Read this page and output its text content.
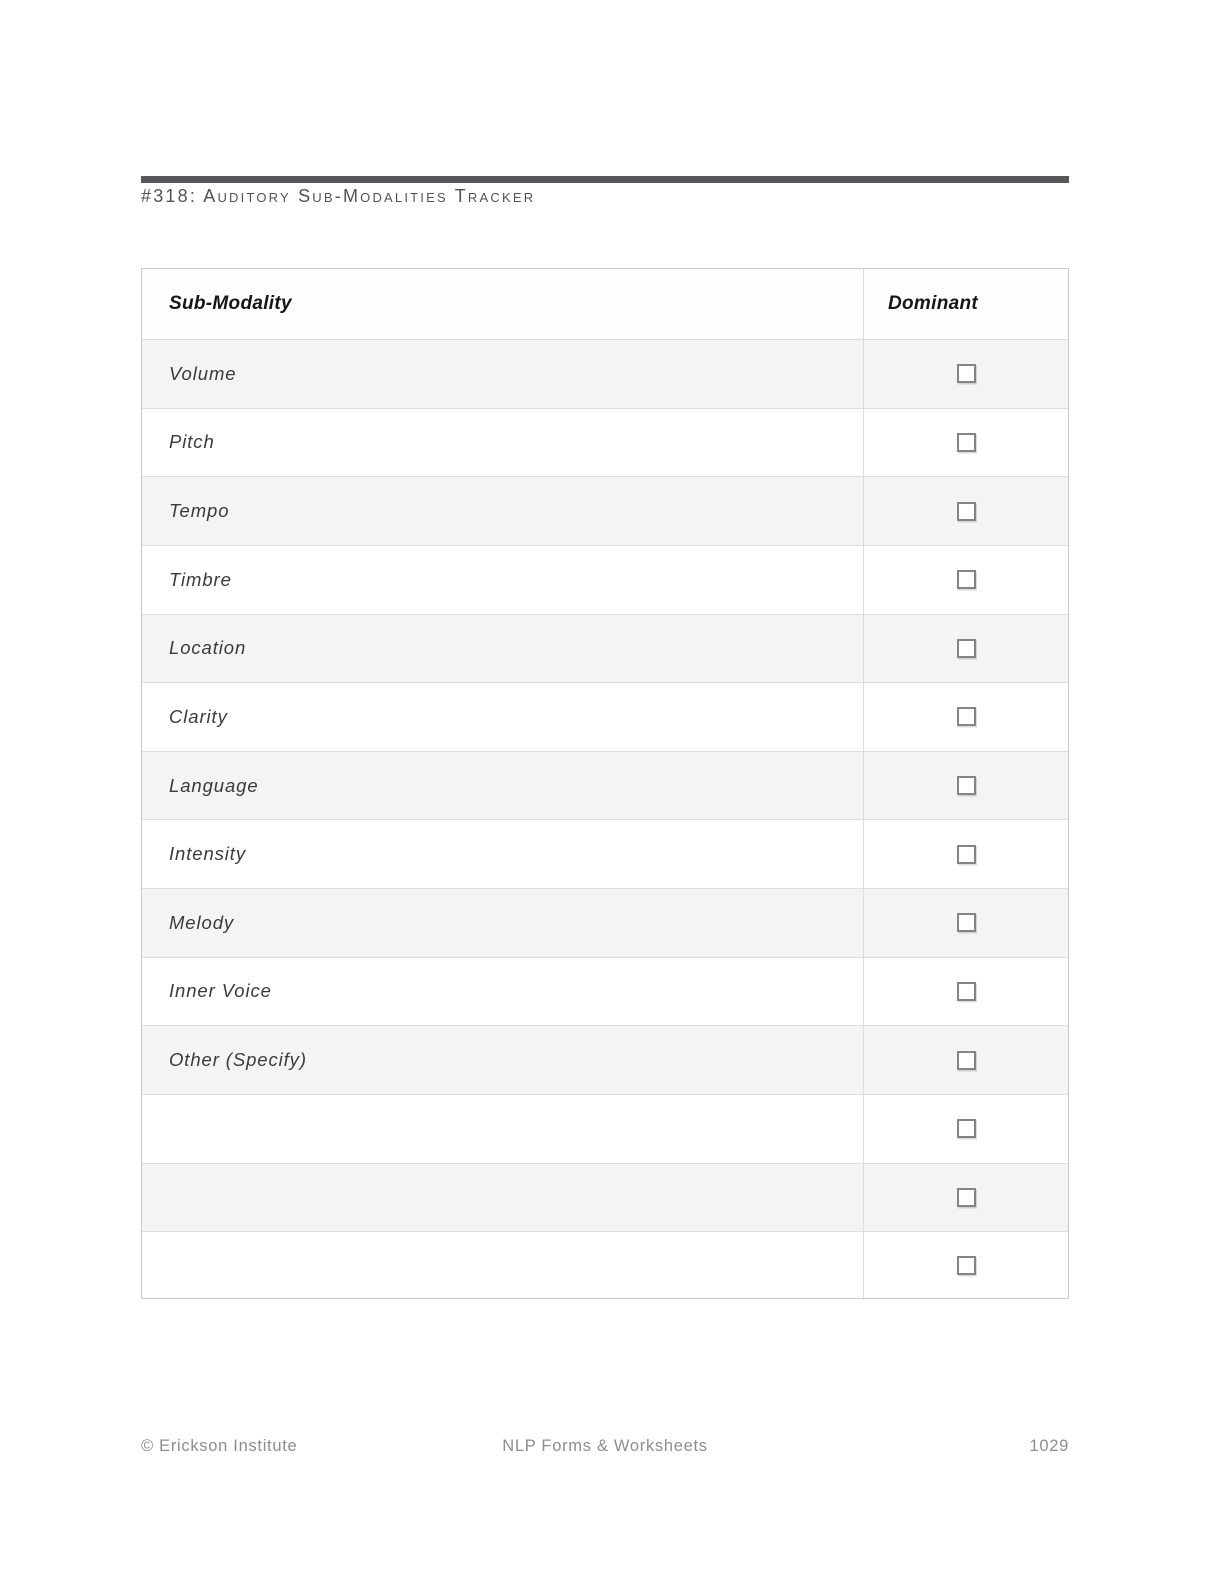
#318: Auditory Sub-Modalities Tracker
Sub-Modality	Dominant
Volume
Pitch
Tempo
Timbre
Location
Clarity
Language
Intensity
Melody
Inner Voice
Other (Specify)
© Erickson Institute	NLP Forms & Worksheets	1029
